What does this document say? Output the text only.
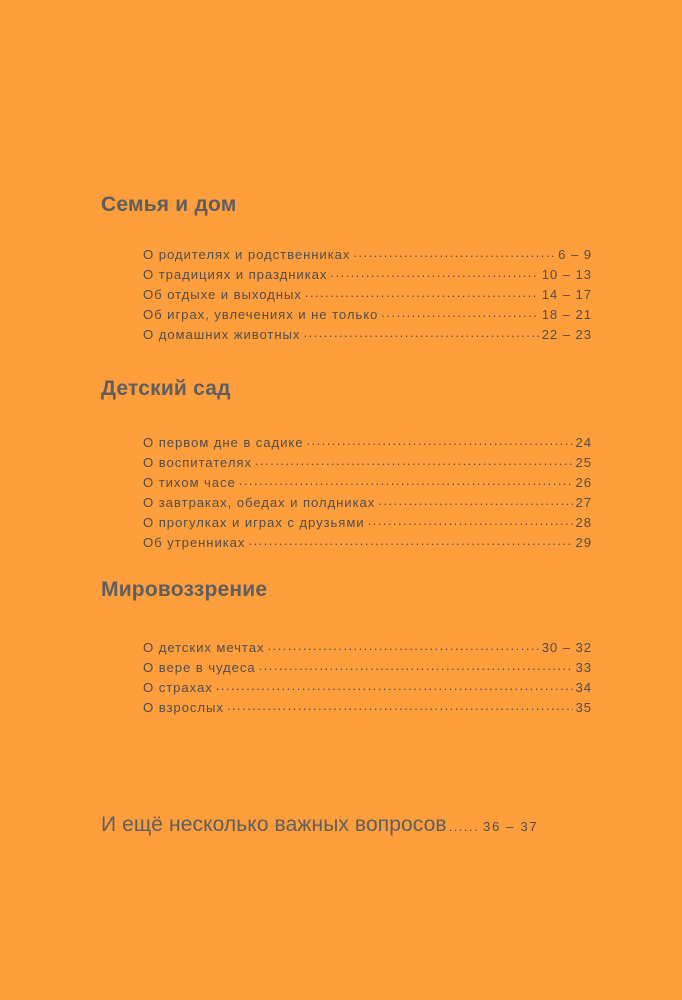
Семья и дом
О родителях и родственниках .....	6 – 9
О традициях и праздниках .....	10 – 13
Об отдыхе и выходных .....	14 – 17
Об играх, увлечениях и не только .....	18 – 21
О домашних животных .....	22 – 23
Детский сад
О первом дне в садике .....	24
О воспитателях .....	25
О тихом часе .....	26
О завтраках, обедах и полдниках .....	27
О прогулках и играх с друзьями .....	28
Об утренниках .....	29
Мировоззрение
О детских мечтах .....	30 – 32
О вере в чудеса .....	33
О страхах .....	34
О взрослых .....	35
И ещё несколько важных вопросов ...... 36 – 37
